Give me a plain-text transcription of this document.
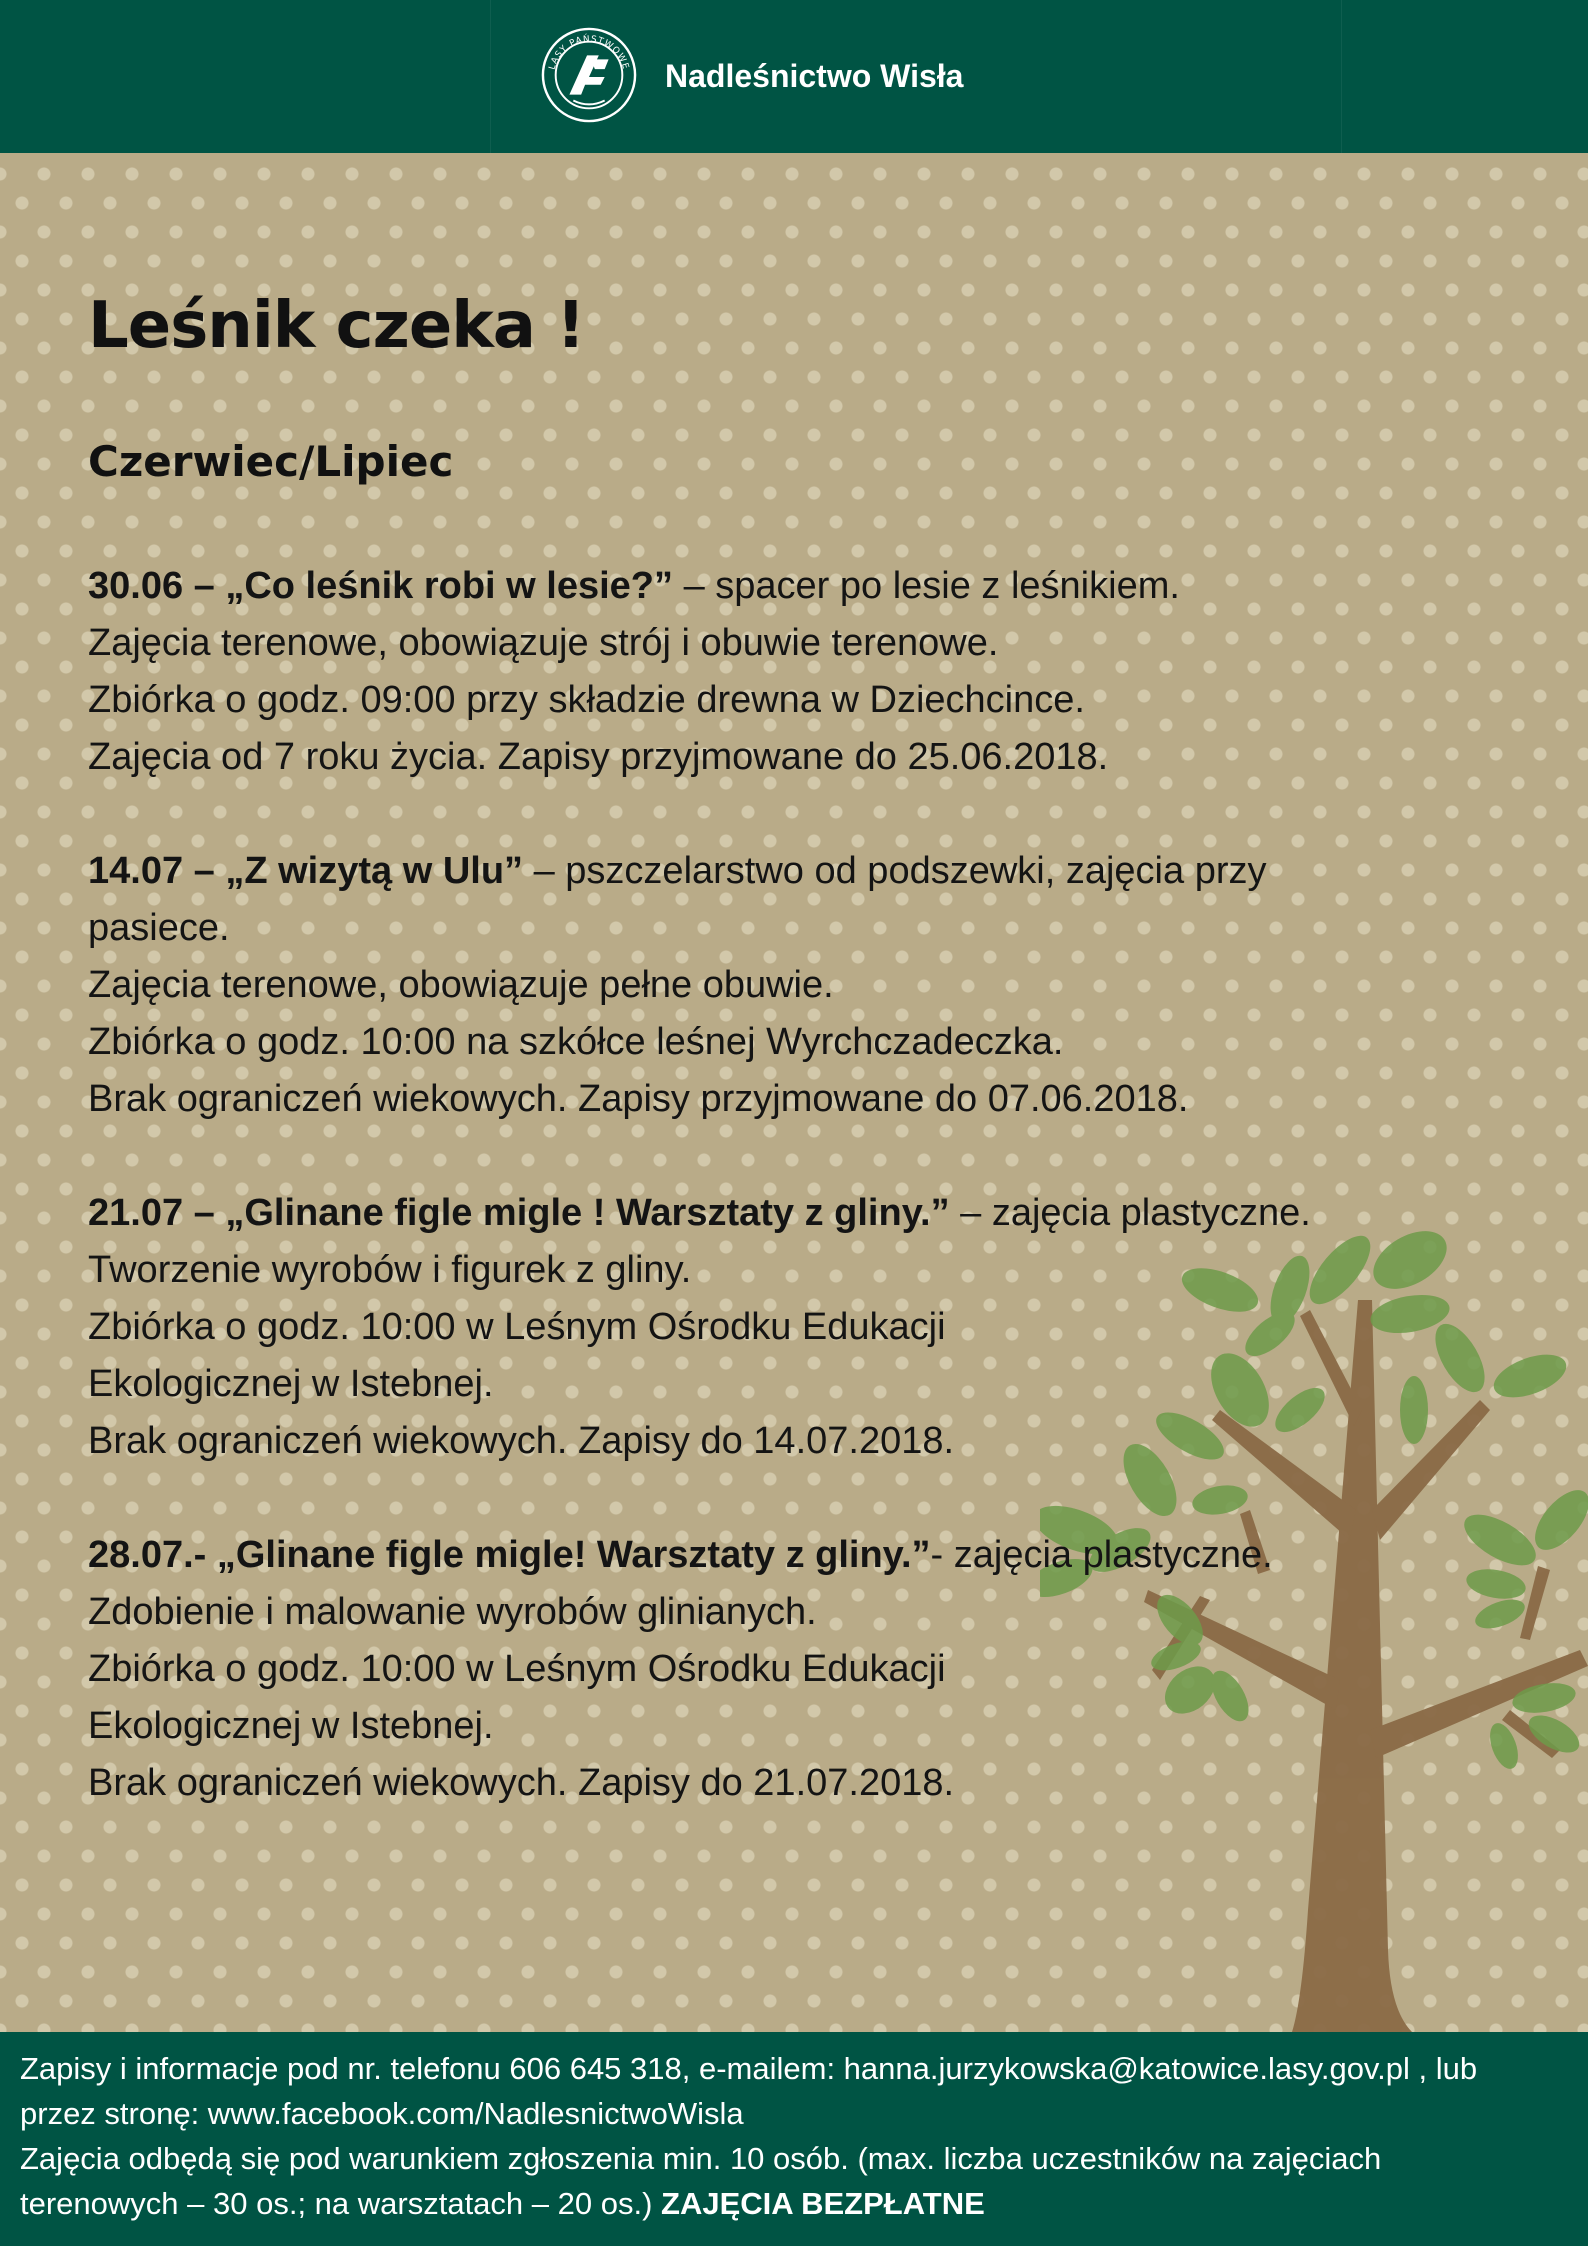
LASY PAŃSTWOWE Nadleśnictwo Wisła
Leśnik czeka !
Czerwiec/Lipiec
30.06 – „Co leśnik robi w lesie?” – spacer po lesie z leśnikiem.
Zajęcia terenowe, obowiązuje strój i obuwie terenowe.
Zbiórka o godz. 09:00 przy składzie drewna w Dziechcince.
Zajęcia od 7 roku życia. Zapisy przyjmowane do 25.06.2018.
14.07 – „Z wizytą w Ulu” – pszczelarstwo od podszewki, zajęcia przy
pasiece.
Zajęcia terenowe, obowiązuje pełne obuwie.
Zbiórka o godz. 10:00 na szkółce leśnej Wyrchczadeczka.
Brak ograniczeń wiekowych. Zapisy przyjmowane do 07.06.2018.
21.07 – „Glinane figle migle ! Warsztaty z gliny.” – zajęcia plastyczne.
Tworzenie wyrobów i figurek z gliny.
Zbiórka o godz. 10:00 w Leśnym Ośrodku Edukacji
Ekologicznej w Istebnej.
Brak ograniczeń wiekowych. Zapisy do 14.07.2018.
28.07.- „Glinane figle migle! Warsztaty z gliny.”- zajęcia plastyczne.
Zdobienie i malowanie wyrobów glinianych.
Zbiórka o godz. 10:00 w Leśnym Ośrodku Edukacji
Ekologicznej w Istebnej.
Brak ograniczeń wiekowych. Zapisy do 21.07.2018.
Zapisy i informacje pod nr. telefonu 606 645 318, e-mailem: hanna.jurzykowska@katowice.lasy.gov.pl , lub
przez stronę: www.facebook.com/NadlesnictwoWisla
Zajęcia odbędą się pod warunkiem zgłoszenia min. 10 osób. (max. liczba uczestników na zajęciach
terenowych – 30 os.; na warsztatach – 20 os.) ZAJĘCIA BEZPŁATNE
